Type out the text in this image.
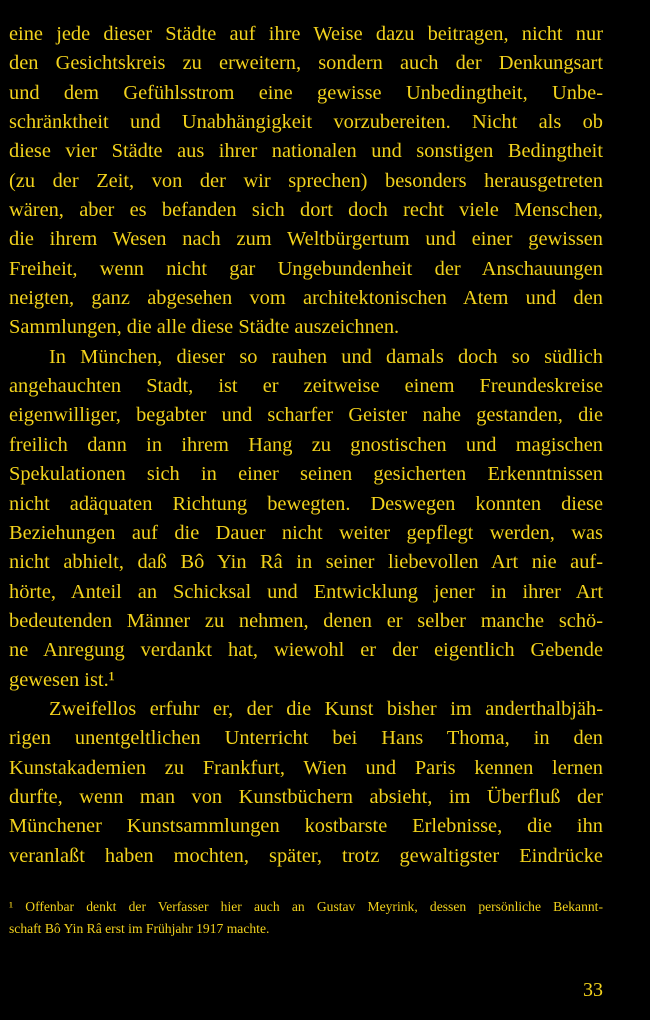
eine jede dieser Städte auf ihre Weise dazu beitragen, nicht nur
den Gesichtskreis zu erweitern, sondern auch der Denkungsart
und dem Gefühlsstrom eine gewisse Unbedingtheit, Unbe-
schränktheit und Unabhängigkeit vorzubereiten. Nicht als ob
diese vier Städte aus ihrer nationalen und sonstigen Bedingtheit
(zu der Zeit, von der wir sprechen) besonders herausgetreten
wären, aber es befanden sich dort doch recht viele Menschen,
die ihrem Wesen nach zum Weltbürgertum und einer gewissen
Freiheit, wenn nicht gar Ungebundenheit der Anschauungen
neigten, ganz abgesehen vom architektonischen Atem und den
Sammlungen, die alle diese Städte auszeichnen.
In München, dieser so rauhen und damals doch so südlich
angehauchten Stadt, ist er zeitweise einem Freundeskreise
eigenwilliger, begabter und scharfer Geister nahe gestanden, die
freilich dann in ihrem Hang zu gnostischen und magischen
Spekulationen sich in einer seinen gesicherten Erkenntnissen
nicht adäquaten Richtung bewegten. Deswegen konnten diese
Beziehungen auf die Dauer nicht weiter gepflegt werden, was
nicht abhielt, daß Bô Yin Râ in seiner liebevollen Art nie auf-
hörte, Anteil an Schicksal und Entwicklung jener in ihrer Art
bedeutenden Männer zu nehmen, denen er selber manche schö-
ne Anregung verdankt hat, wiewohl er der eigentlich Gebende
gewesen ist.¹
Zweifellos erfuhr er, der die Kunst bisher im anderthalbjäh-
rigen unentgeltlichen Unterricht bei Hans Thoma, in den
Kunstakademien zu Frankfurt, Wien und Paris kennen lernen
durfte, wenn man von Kunstbüchern absieht, im Überfluß der
Münchener Kunstsammlungen kostbarste Erlebnisse, die ihn
veranlaßt haben mochten, später, trotz gewaltigster Eindrücke
¹ Offenbar denkt der Verfasser hier auch an Gustav Meyrink, dessen persönliche Bekannt-
schaft Bô Yin Râ erst im Frühjahr 1917 machte.
33
